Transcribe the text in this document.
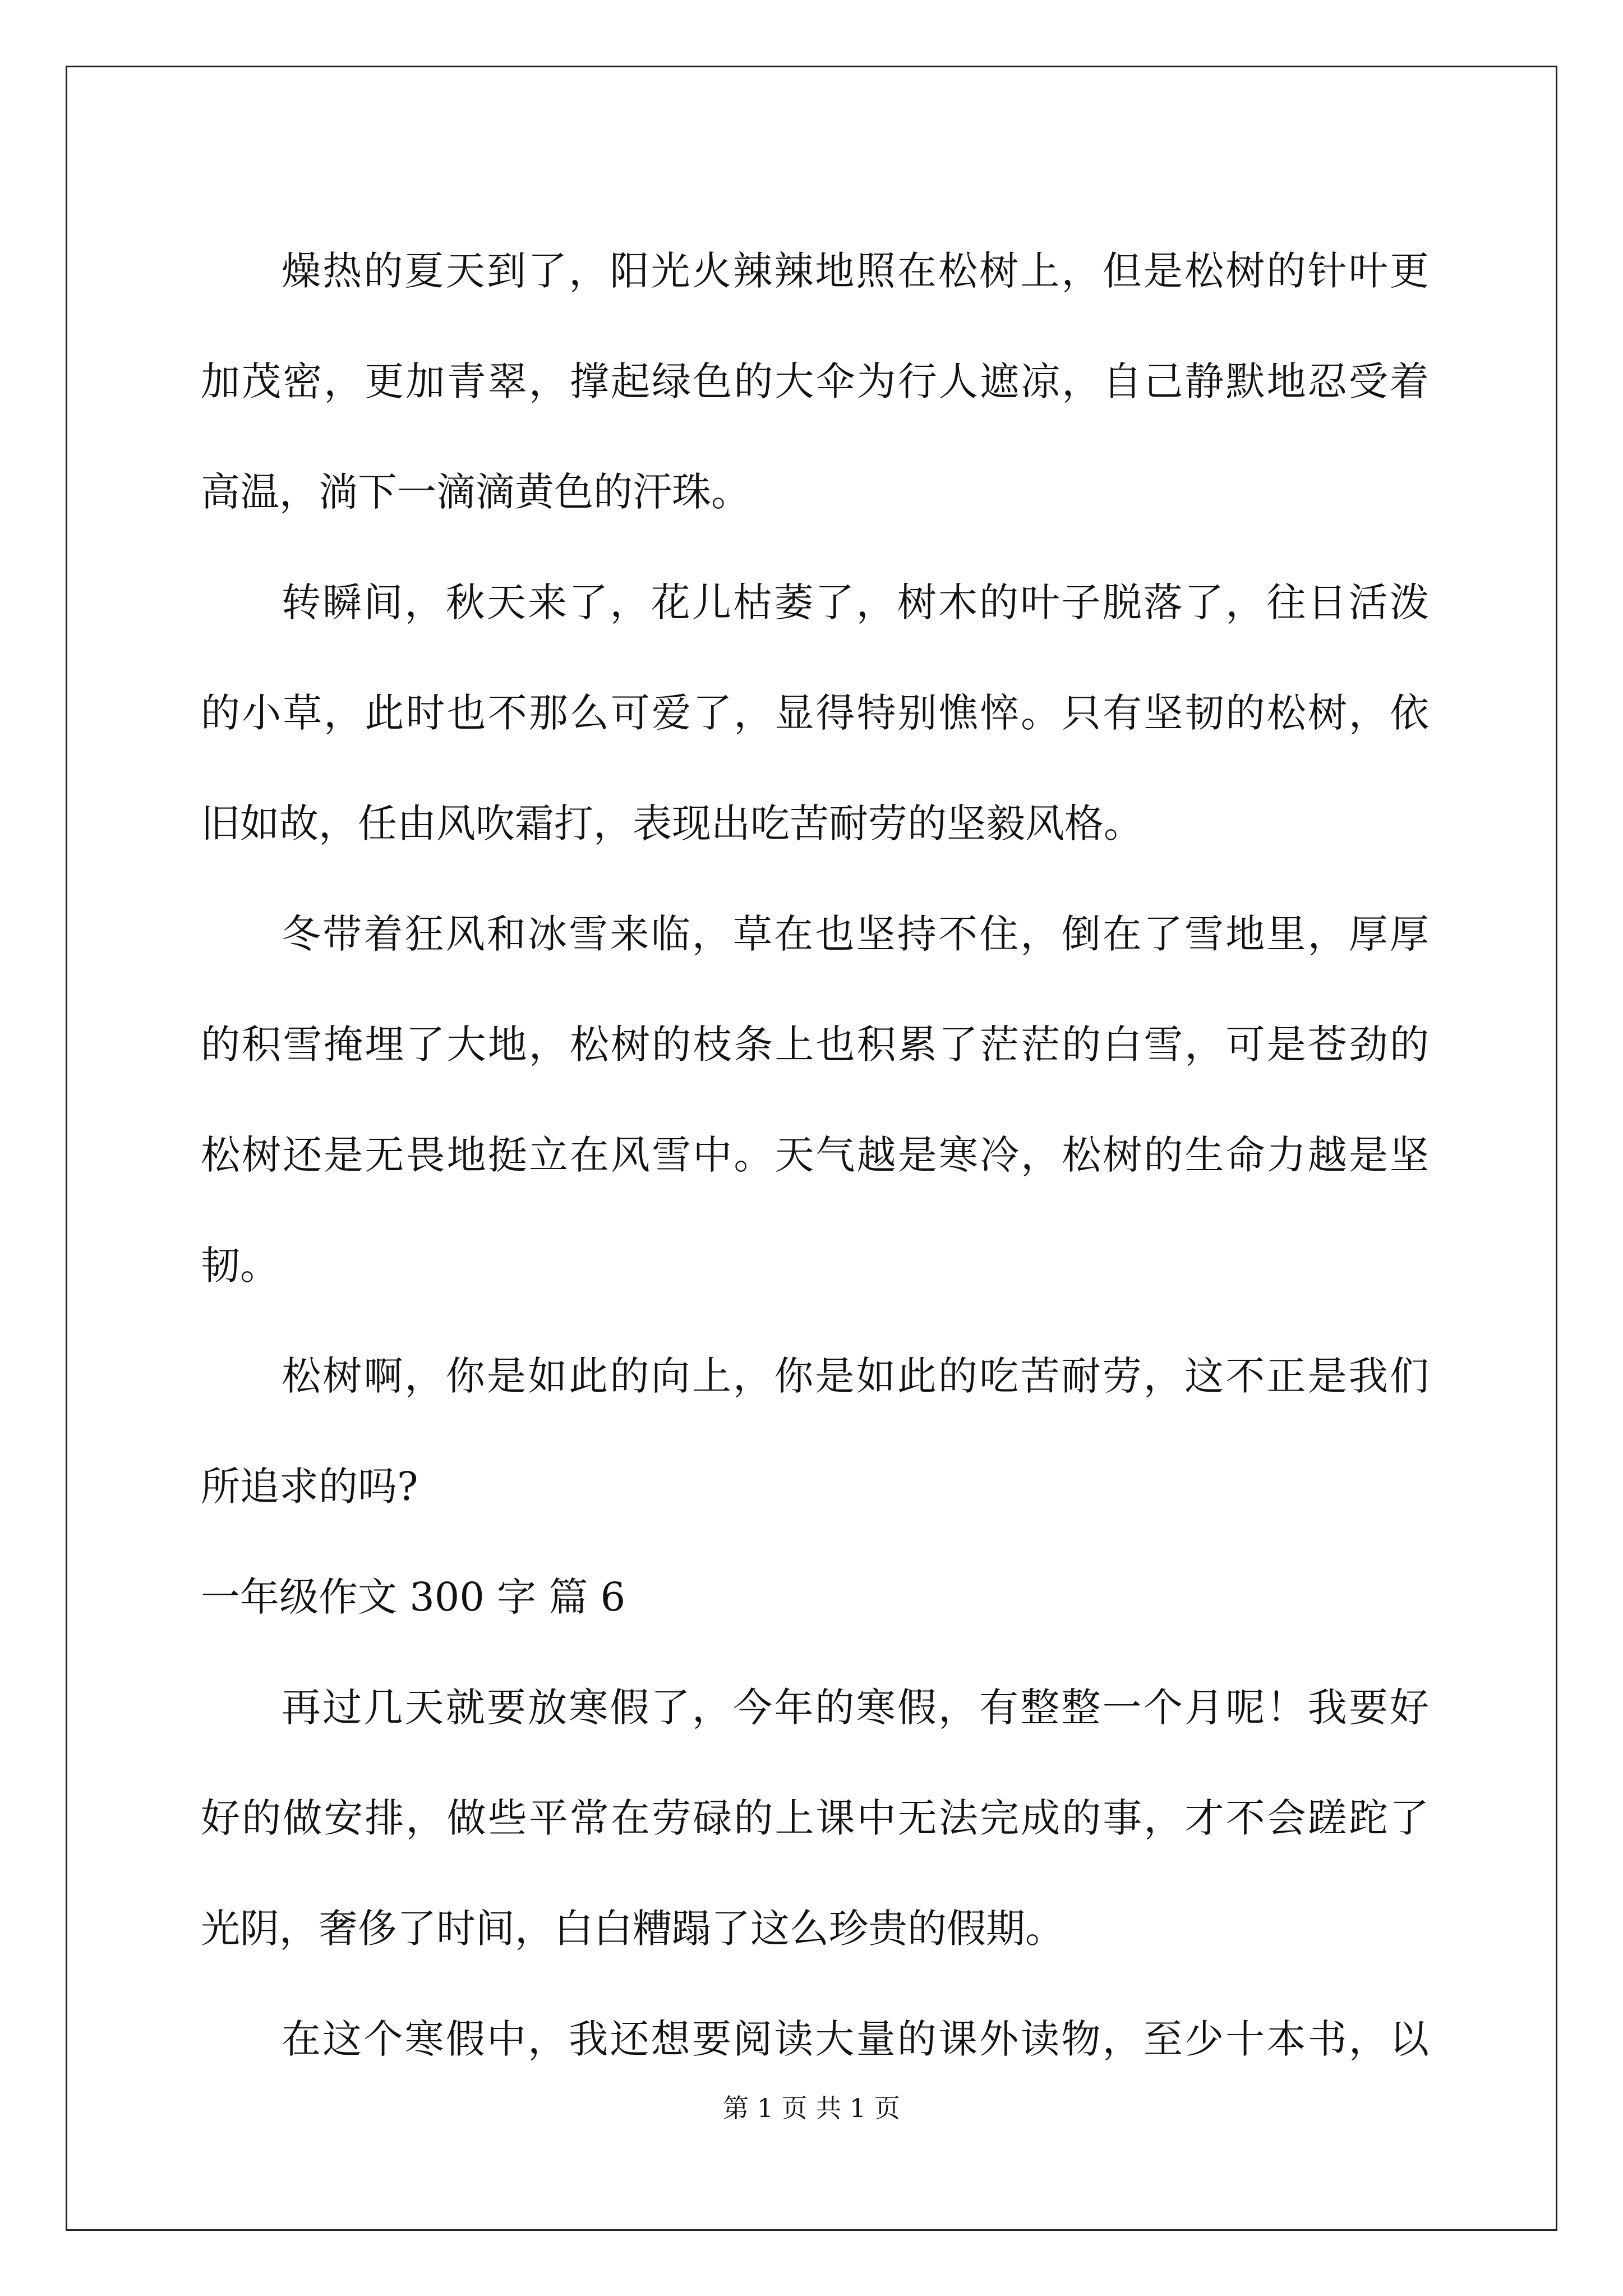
燥热的夏天到了，阳光火辣辣地照在松树上，但是松树的针叶更
加茂密，更加青翠，撑起绿色的大伞为行人遮凉，自己静默地忍受着
高温，淌下一滴滴黄色的汗珠。
转瞬间，秋天来了，花儿枯萎了，树木的叶子脱落了，往日活泼
的小草，此时也不那么可爱了，显得特别憔悴。只有坚韧的松树，依
旧如故，任由风吹霜打，表现出吃苦耐劳的坚毅风格。
冬带着狂风和冰雪来临，草在也坚持不住，倒在了雪地里，厚厚
的积雪掩埋了大地，松树的枝条上也积累了茫茫的白雪，可是苍劲的
松树还是无畏地挺立在风雪中。天气越是寒冷，松树的生命力越是坚
韧。
松树啊，你是如此的向上，你是如此的吃苦耐劳，这不正是我们
所追求的吗?
一年级作文 300 字 篇 6
再过几天就要放寒假了，今年的寒假，有整整一个月呢！我要好
好的做安排，做些平常在劳碌的上课中无法完成的事，才不会蹉跎了
光阴，奢侈了时间，白白糟蹋了这么珍贵的假期。
在这个寒假中，我还想要阅读大量的课外读物，至少十本书，以
第 1 页 共 1 页
